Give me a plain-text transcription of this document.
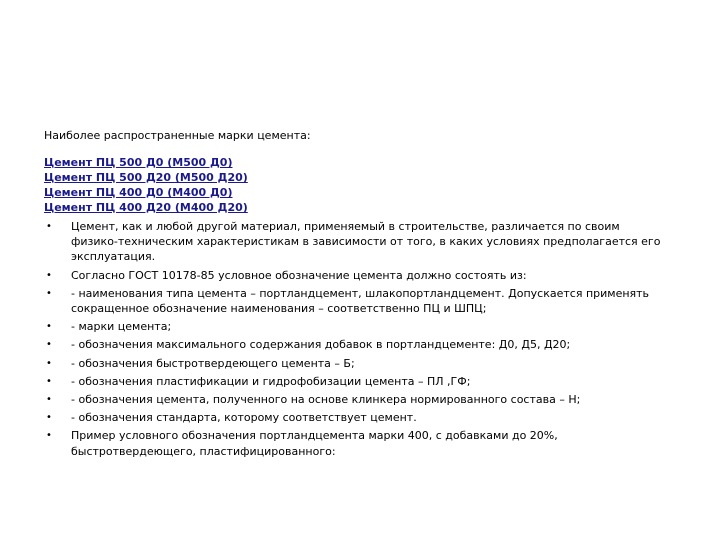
Наиболее распространенные марки цемента:
Цемент ПЦ 500 Д0 (М500 Д0)
Цемент ПЦ 500 Д20 (М500 Д20)
Цемент ПЦ 400 Д0 (М400 Д0)
Цемент ПЦ 400 Д20 (М400 Д20)
• Цемент, как и любой другой материал, применяемый в строительстве, различается по своим физико-техническим характеристикам в зависимости от того, в каких условиях предполагается его эксплуатация.
• Согласно ГОСТ 10178-85 условное обозначение цемента должно состоять из:
• - наименования типа цемента – портландцемент, шлакопортландцемент. Допускается применять сокращенное обозначение наименования – соответственно ПЦ и ШПЦ;
• - марки цемента;
• - обозначения максимального содержания добавок в портландцементе: Д0, Д5, Д20;
• - обозначения быстротвердеющего цемента – Б;
• - обозначения пластификации и гидрофобизации цемента – ПЛ ,ГФ;
• - обозначения цемента, полученного на основе клинкера нормированного состава – Н;
• - обозначения стандарта, которому соответствует цемент.
• Пример условного обозначения портландцемента марки 400, с добавками до 20%, быстротвердеющего, пластифицированного:
